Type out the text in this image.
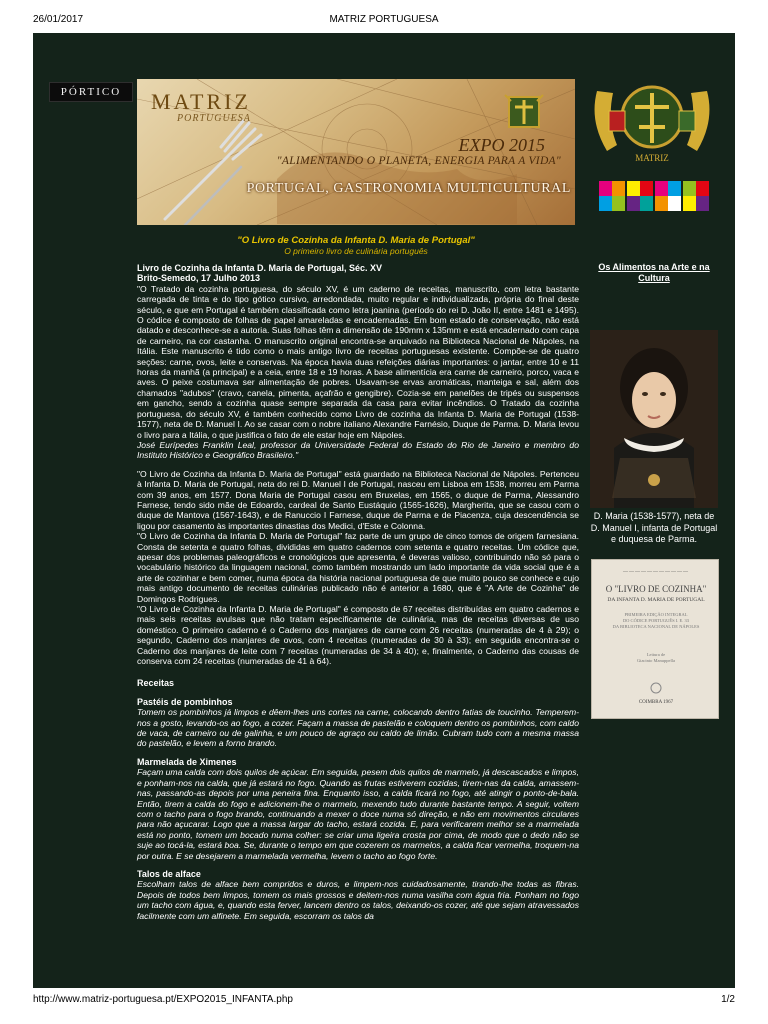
26/01/2017	MATRIZ PORTUGUESA
PÓRTICO	MATRIZ
PORTUGUESA
EXPO 2015
"ALIMENTANDO O PLANETA, ENERGIA PARA A VIDA"
PORTUGAL, GASTRONOMIA MULTICULTURAL
MATRIZ
Os Alimentos na Arte e na Cultura
D. Maria (1538-1577), neta de D. Manuel I, infanta de Portugal e duquesa de Parma.
———————————
O "LIVRO DE COZINHA"
DA INFANTA D. MARIA DE PORTUGAL
PRIMEIRA EDIÇÃO INTEGRAL
DO CÓDICE PORTUGUÊS I. E. 33
DA BIBLIOTECA NACIONAL DE NÁPOLES
Leitura de
Giacinto Manuppella
COIMBRA 1967
"O Livro de Cozinha da Infanta D. Maria de Portugal"
O primeiro livro de culinária português
Livro de Cozinha da Infanta D. Maria de Portugal, Séc. XV
Brito-Semedo, 17 Julho 2013

"O Tratado da cozinha portuguesa, do século XV, é um caderno de receitas, manuscrito, com letra bastante carregada de tinta e do tipo gótico cursivo, arredondada, muito regular e individualizada, própria do final deste século, e que em Portugal é também classificada como letra joanina (período do rei D. João II, entre 1481 e 1495). O códice é composto de folhas de papel amareladas e encadernadas. Em bom estado de conservação, não está datado e desconhece-se a autoria. Suas folhas têm a dimensão de 190mm x 135mm e está encadernado com capa de carneiro, na cor castanha. O manuscrito original encontra-se arquivado na Biblioteca Nacional de Nápoles, na Itália. Este manuscrito é tido como o mais antigo livro de receitas portuguesas existente. Compõe-se de quatro seções: carne, ovos, leite e conservas. Na época havia duas refeições diárias importantes: o jantar, entre 10 e 11 horas da manhã (a principal) e a ceia, entre 18 e 19 horas. A base alimentícia era carne de carneiro, porco, vaca e aves. O peixe costumava ser alimentação de pobres. Usavam-se ervas aromáticas, manteiga e sal, além dos chamados "adubos" (cravo, canela, pimenta, açafrão e gengibre). Cozia-se em panelões de tripés ou suspensos em gancho, sendo a cozinha quase sempre separada da casa para evitar incêndios. O Tratado da cozinha portuguesa, do século XV, é também conhecido como Livro de cozinha da Infanta D. Maria de Portugal (1538-1577), neta de D. Manuel I. Ao se casar com o nobre italiano Alexandre Farnésio, Duque de Parma. D. Maria levou o livro para a Itália, o que justifica o fato de ele estar hoje em Nápoles.

José Eurípedes Franklin Leal, professor da Universidade Federal do Estado do Rio de Janeiro e membro do Instituto Histórico e Geográfico Brasileiro."

"O Livro de Cozinha da Infanta D. Maria de Portugal" está guardado na Biblioteca Nacional de Nápoles. Pertenceu à Infanta D. Maria de Portugal, neta do rei D. Manuel I de Portugal, nasceu em Lisboa em 1538, morreu em Parma com 39 anos, em 1577. Dona Maria de Portugal casou em Bruxelas, em 1565, o duque de Parma, Alessandro Farnese, tendo sido mãe de Edoardo, cardeal de Santo Eustáquio (1565-1626), Margherita, que se casou com o duque de Mantova (1567-1643), e de Ranuccio I Farnese, duque de Parma e de Piacenza, cuja descendência se ligou por casamento às importantes dinastias dos Medici, d'Este e Colonna.

"O Livro de Cozinha da Infanta D. Maria de Portugal" faz parte de um grupo de cinco tomos de origem farnesiana. Consta de setenta e quatro folhas, divididas em quatro cadernos com setenta e quatro receitas. Um códice que, apesar dos problemas paleográficos e cronológicos que apresenta, é deveras valioso, contribuindo não só para o vocabulário histórico da linguagem nacional, como também mostrando um lado importante da vida social que é a arte de cozinhar e bem comer, numa época da história nacional portuguesa de que muito pouco se conhece e cujo mais antigo documento de receitas culinárias publicado não é anterior a 1680, que é "A Arte de Cozinha" de Domingos Rodrigues.

"O Livro de Cozinha da Infanta D. Maria de Portugal" é composto de 67 receitas distribuídas em quatro cadernos e mais seis receitas avulsas que não tratam especificamente de culinária, mas de receitas diversas de uso doméstico. O primeiro caderno é o Caderno dos manjares de carne com 26 receitas (numeradas de 4 à 29); o segundo, Caderno dos manjares de ovos, com 4 receitas (numeradas de 30 à 33); em seguida encontra-se o Caderno dos manjares de leite com 7 receitas (numeradas de 34 à 40); e, finalmente, o Caderno das cousas de conserva com 24 receitas (numeradas de 41 à 64).

Receitas
Pastéis de pombinhos

Tomem os pombinhos já limpos e dêem-lhes uns cortes na carne, colocando dentro fatias de toucinho. Temperem-nos a gosto, levando-os ao fogo, a cozer. Façam a massa de pastelão e coloquem dentro os pombinhos, com caldo de vaca, de carneiro ou de galinha, e um pouco de agraço ou caldo de limão. Cubram tudo com a mesma massa do pastelão, e levem a forno brando.

Marmelada de Ximenes

Façam uma calda com dois quilos de açúcar. Em seguida, pesem dois quilos de marmelo, já descascados e limpos, e ponham-nos na calda, que já estará no fogo. Quando as frutas estiverem cozidas, tirem-nas da calda, amassem-nas, passando-as depois por uma peneira fina. Enquanto isso, a calda ficará no fogo, até atingir o ponto-de-bala. Então, tirem a calda do fogo e adicionem-lhe o marmelo, mexendo tudo durante bastante tempo. A seguir, voltem com o tacho para o fogo brando, continuando a mexer o doce numa só direção, e não em movimentos circulares para não açucarar. Logo que a massa largar do tacho, estará cozida. E, para verificarem melhor se a marmelada está no ponto, tomem um bocado numa colher: se criar uma ligeira crosta por cima, de modo que o dedo não se suje ao tocá-la, estará boa. Se, durante o tempo em que cozerem os marmelos, a calda ficar vermelha, troquem-na por outra. E se desejarem a marmelada vermelha, levem o tacho ao fogo forte.

Talos de alface

Escolham talos de alface bem compridos e duros, e limpem-nos cuidadosamente, tirando-lhe todas as fibras. Depois de todos bem limpos, tomem os mais grossos e deitem-nos numa vasilha com água fria. Ponham no fogo um tacho com água, e, quando esta ferver, lancem dentro os talos, deixando-os cozer, até que sejam atravessados facilmente com um alfinete. Em seguida, escorram os talos da

http://www.matriz-portuguesa.pt/EXPO2015_INFANTA.php	1/2
